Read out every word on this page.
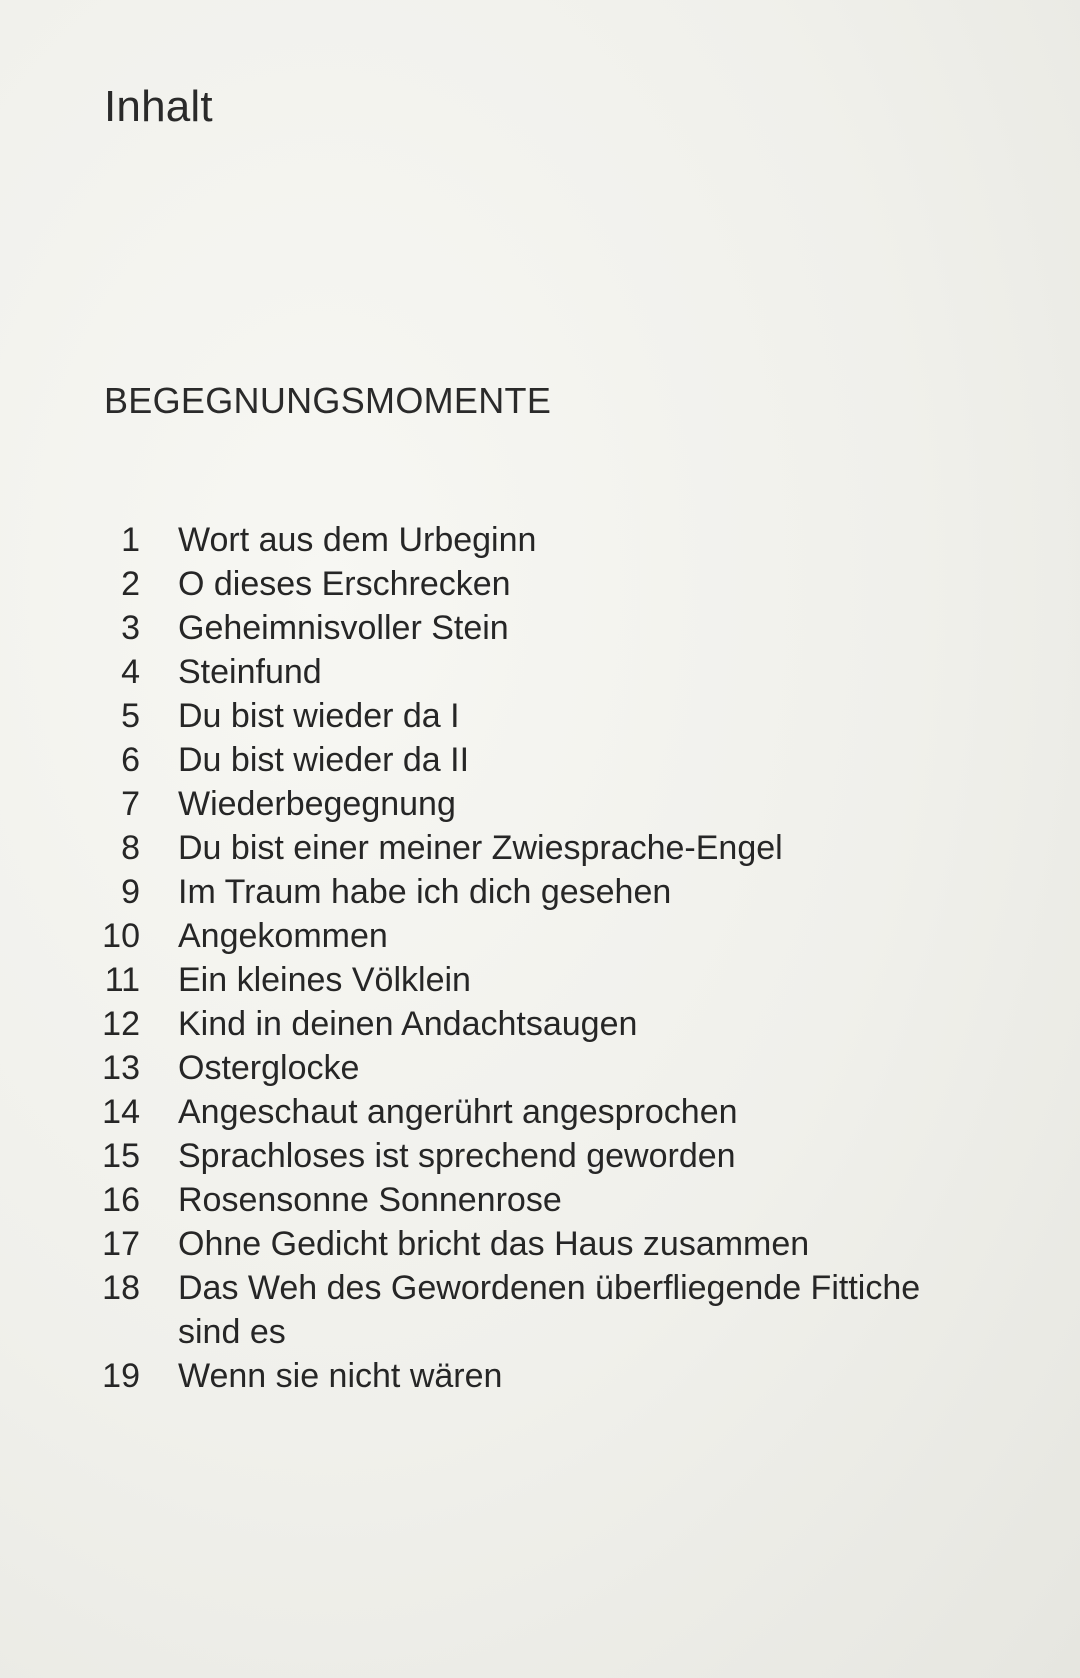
Inhalt
BEGEGNUNGSMOMENTE
1 Wort aus dem Urbeginn
2 O dieses Erschrecken
3 Geheimnisvoller Stein
4 Steinfund
5 Du bist wieder da I
6 Du bist wieder da II
7 Wiederbegegnung
8 Du bist einer meiner Zwiesprache-Engel
9 Im Traum habe ich dich gesehen
10 Angekommen
11 Ein kleines Völklein
12 Kind in deinen Andachtsaugen
13 Osterglocke
14 Angeschaut angerührt angesprochen
15 Sprachloses ist sprechend geworden
16 Rosensonne Sonnenrose
17 Ohne Gedicht bricht das Haus zusammen
18 Das Weh des Gewordenen überfliegende Fittiche sind es
19 Wenn sie nicht wären
